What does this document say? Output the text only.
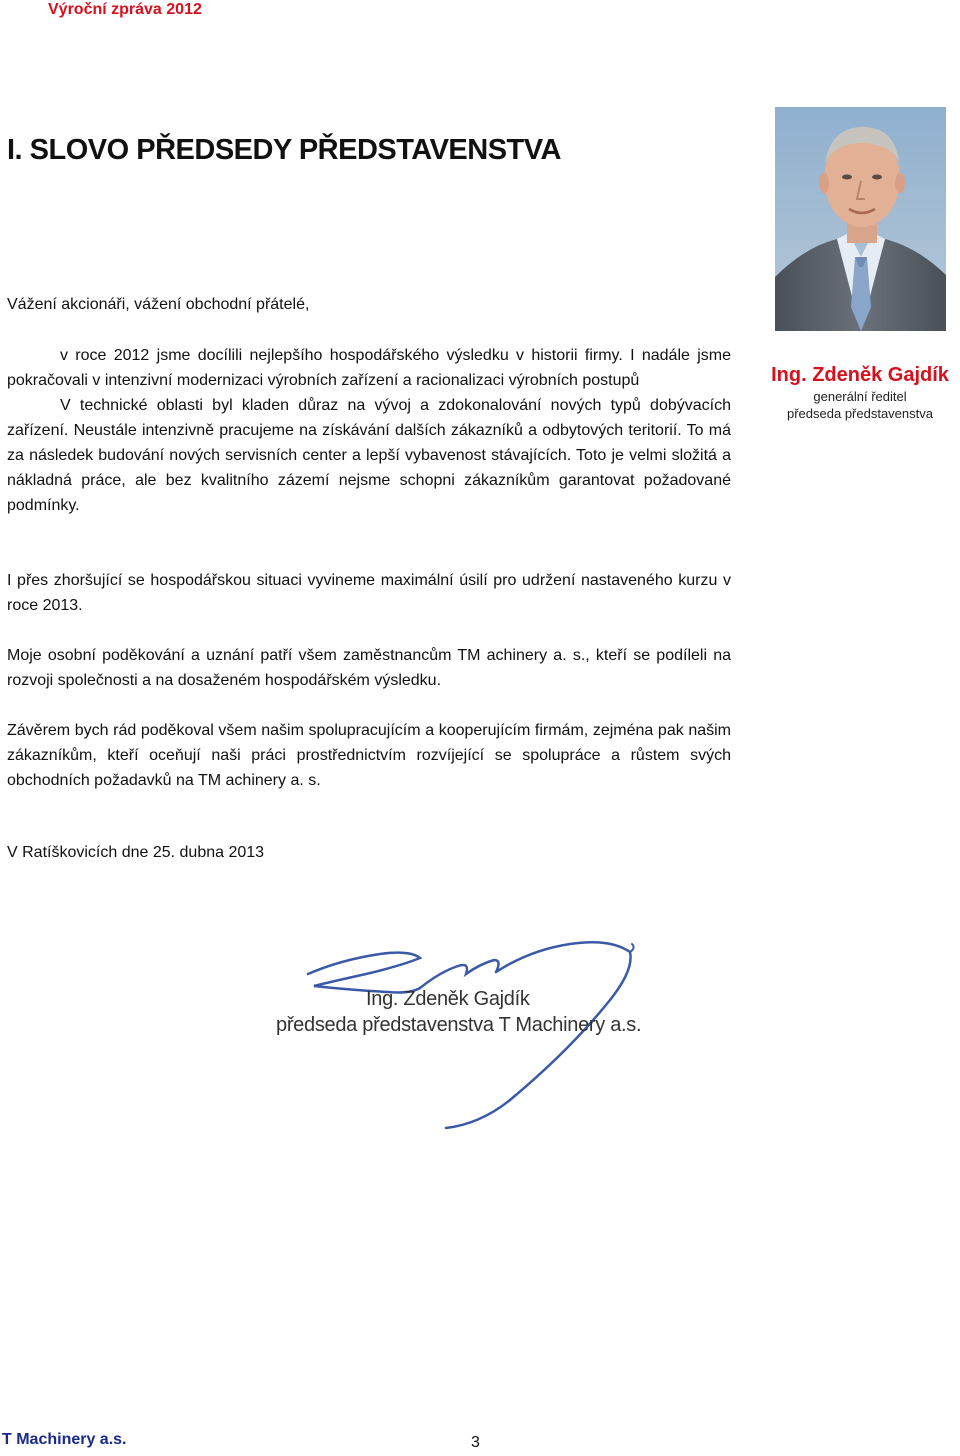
Výroční zpráva 2012
I. SLOVO PŘEDSEDY PŘEDSTAVENSTVA
Ing. Zdeněk Gajdík
generální ředitel
předseda představenstva
Vážení akcionáři, vážení obchodní přátelé,

v roce 2012 jsme docílili nejlepšího hospodářského výsledku v historii firmy. I nadále jsme pokračovali v intenzivní modernizaci výrobních zařízení a racionalizaci výrobních postupů

V technické oblasti byl kladen důraz na vývoj a zdokonalování nových typů dobývacích zařízení. Neustále intenzivně pracujeme na získávání dalších zákazníků a odbytových teritorií. To má za následek budování nových servisních center a lepší vybavenost stávajících. Toto je velmi složitá a nákladná práce, ale bez kvalitního zázemí nejsme schopni zákazníkům garantovat požadované podmínky.

I přes zhoršující se hospodářskou situaci vyvineme maximální úsilí pro udržení nastaveného kurzu v roce 2013.
Moje osobní poděkování a uznání patří všem zaměstnancům TM achinery a. s., kteří se podíleli na rozvoji společnosti a na dosaženém hospodářském výsledku.
Závěrem bych rád poděkoval všem našim spolupracujícím a kooperujícím firmám, zejména pak našim zákazníkům, kteří oceňují naši práci prostřednictvím rozvíjející se spolupráce a růstem svých obchodních požadavků na TM achinery a. s.
V Ratíškovicích dne 25. dubna 2013
Ing. Zdeněk Gajdík
předseda představenstva T Machinery a.s.
T Machinery a.s.	3
